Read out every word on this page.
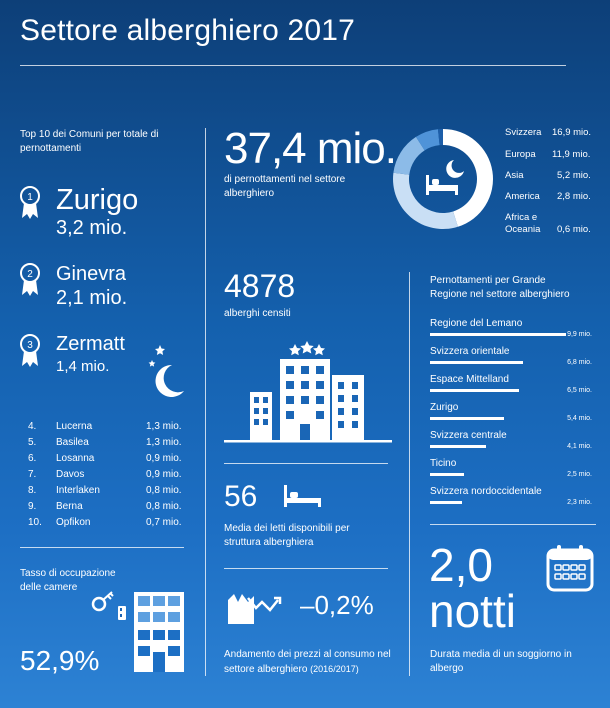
Settore alberghiero 2017
Top 10 dei Comuni per totale di pernottamenti
1 Zurigo
3,2 mio.
2 Ginevra
2,1 mio.
3 Zermatt
1,4 mio.
4. Lucerna	1,3 mio.
5. Basilea	1,3 mio.
6. Losanna	0,9 mio.
7. Davos	0,9 mio.
8. Interlaken	0,8 mio.
9. Berna	0,8 mio.
10. Opfikon	0,7 mio.
Tasso di occupazione delle camere
52,9%
37,4 mio.
di pernottamenti nel settore alberghiero
Svizzera 16,9 mio.
Europa 11,9 mio.
Asia	5,2 mio.
America 2,8 mio.
Africa e Oceania	0,6 mio.
4878
alberghi censiti
56
Media dei letti disponibili per struttura alberghiera
–0,2%
Andamento dei prezzi al consumo nel settore alberghiero (2016/2017)
Pernottamenti per Grande Regione nel settore alberghiero
Regione del Lemano
9,9 mio.
Svizzera orientale
6,8 mio.
Espace Mittelland
6,5 mio.
Zurigo
5,4 mio.
Svizzera centrale
4,1 mio.
Ticino
2,5 mio.
Svizzera nordoccidentale
2,3 mio.
2,0
notti
Durata media di un soggiorno in albergo
